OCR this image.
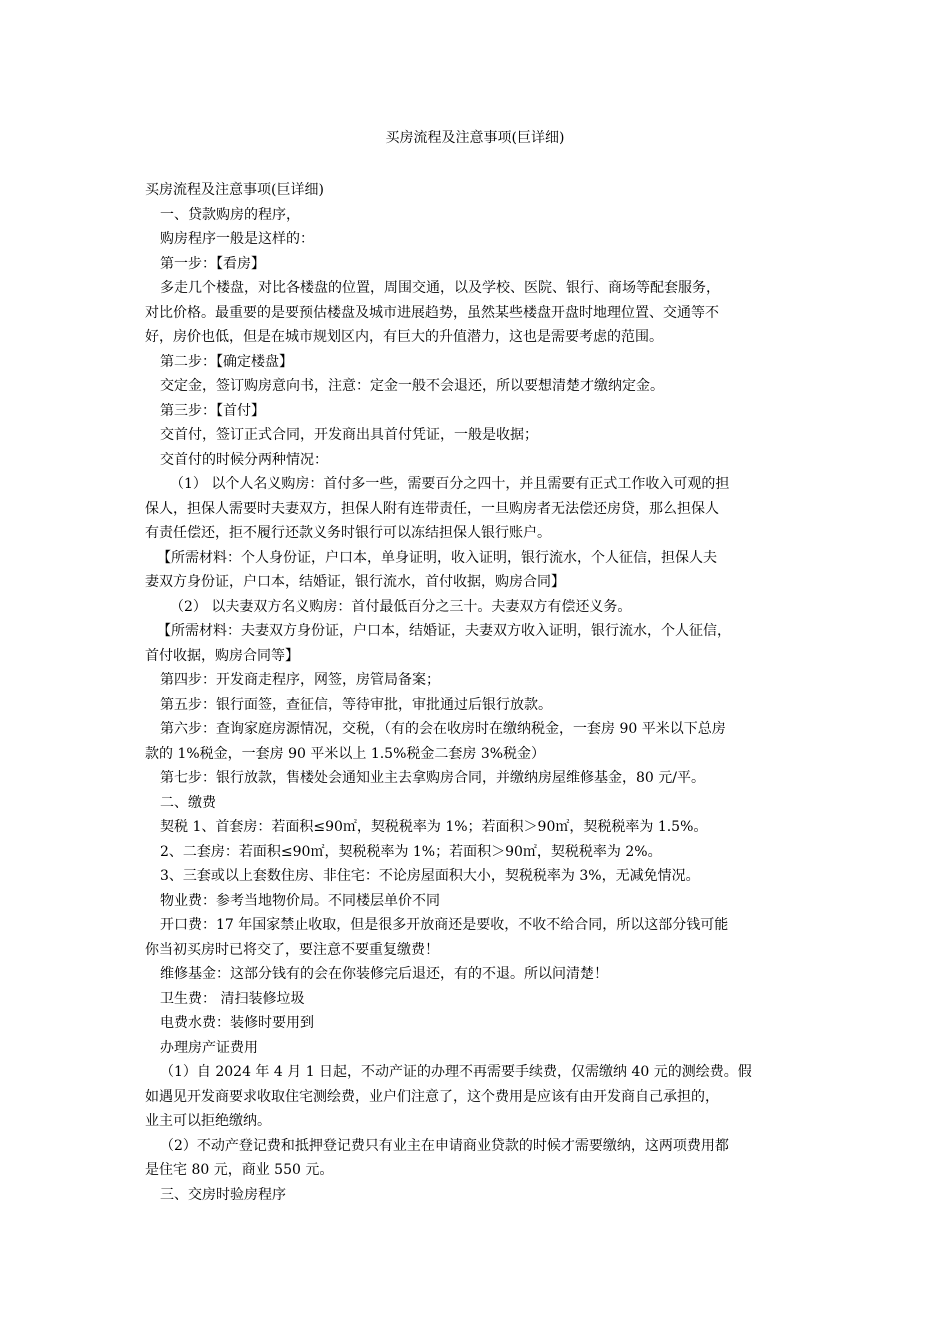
买房流程及注意事项(巨详细)

买房流程及注意事项(巨详细)

一、贷款购房的程序，

购房程序一般是这样的：

第一步：【看房】

多走几个楼盘，对比各楼盘的位置，周围交通，以及学校、医院、银行、商场等配套服务，

对比价格。最重要的是要预估楼盘及城市进展趋势，虽然某些楼盘开盘时地理位置、交通等不

好，房价也低，但是在城市规划区内，有巨大的升值潜力，这也是需要考虑的范围。

第二步：【确定楼盘】

交定金，签订购房意向书，注意：定金一般不会退还，所以要想清楚才缴纳定金。

第三步：【首付】

交首付，签订正式合同，开发商出具首付凭证，一般是收据；

交首付的时候分两种情况：

（1） 以个人名义购房：首付多一些，需要百分之四十，并且需要有正式工作收入可观的担

保人，担保人需要时夫妻双方，担保人附有连带责任，一旦购房者无法偿还房贷，那么担保人

有责任偿还，拒不履行还款义务时银行可以冻结担保人银行账户。

【所需材料：个人身份证，户口本，单身证明，收入证明，银行流水，个人征信，担保人夫

妻双方身份证，户口本，结婚证，银行流水，首付收据，购房合同】

（2） 以夫妻双方名义购房：首付最低百分之三十。夫妻双方有偿还义务。

【所需材料：夫妻双方身份证，户口本，结婚证，夫妻双方收入证明，银行流水，个人征信，

首付收据，购房合同等】

第四步：开发商走程序，网签，房管局备案；

第五步：银行面签，查征信，等待审批，审批通过后银行放款。

第六步：查询家庭房源情况，交税，（有的会在收房时在缴纳税金，一套房 90 平米以下总房

款的 1%税金，一套房 90 平米以上 1.5%税金二套房 3%税金）

第七步：银行放款，售楼处会通知业主去拿购房合同，并缴纳房屋维修基金，80 元/平。

二、缴费

契税 1、首套房：若面积≤90㎡，契税税率为 1%；若面积＞90㎡，契税税率为 1.5%。

2、二套房：若面积≤90㎡，契税税率为 1%；若面积＞90㎡，契税税率为 2%。

3、三套或以上套数住房、非住宅：不论房屋面积大小，契税税率为 3%，无减免情况。

物业费：参考当地物价局。不同楼层单价不同

开口费：17 年国家禁止收取，但是很多开放商还是要收，不收不给合同，所以这部分钱可能

你当初买房时已将交了，要注意不要重复缴费！

维修基金：这部分钱有的会在你装修完后退还，有的不退。所以问清楚！

卫生费： 清扫装修垃圾

电费水费：装修时要用到

办理房产证费用

（1）自 2024 年 4 月 1 日起，不动产证的办理不再需要手续费，仅需缴纳 40 元的测绘费。假

如遇见开发商要求收取住宅测绘费，业户们注意了，这个费用是应该有由开发商自己承担的，

业主可以拒绝缴纳。

（2）不动产登记费和抵押登记费只有业主在申请商业贷款的时候才需要缴纳，这两项费用都

是住宅 80 元，商业 550 元。

三、交房时验房程序
